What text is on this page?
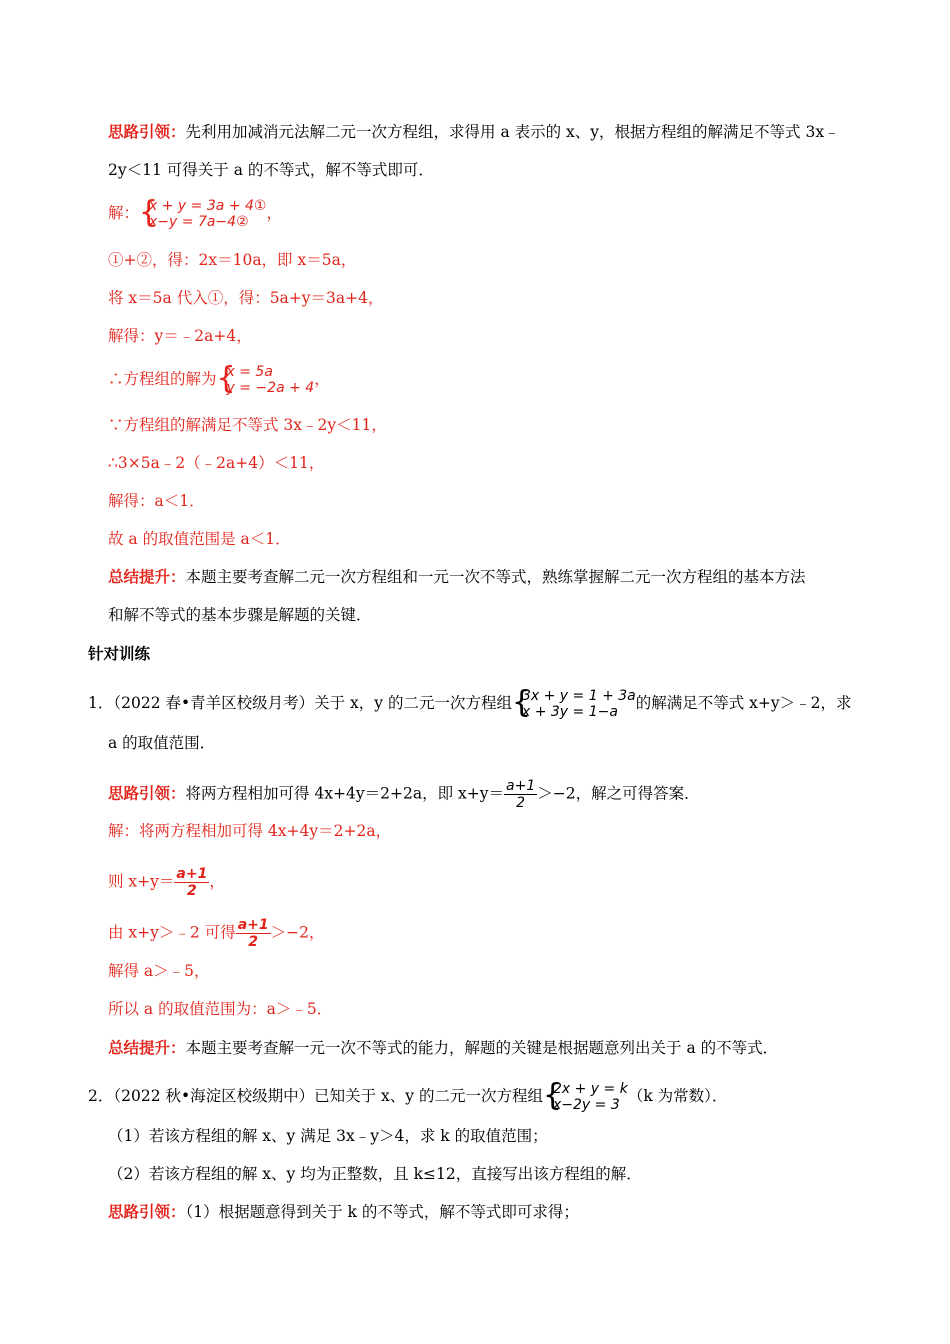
思路引领：先利用加减消元法解二元一次方程组，求得用 a 表示的 x、y，根据方程组的解满足不等式 3x﹣
2y＜11 可得关于 a 的不等式，解不等式即可．
解： {
x + y = 3a + 4①
x−y = 7a−4②	，
①+②，得：2x＝10a，即 x＝5a，
将 x＝5a 代入①，得：5a+y＝3a+4，
解得：y＝﹣2a+4，
∴方程组的解为 {
x = 5a
y = −2a + 4 ，
∵方程组的解满足不等式 3x﹣2y＜11，
∴3×5a﹣2（﹣2a+4）＜11，
解得：a＜1．
故 a 的取值范围是 a＜1．
总结提升：本题主要考查解二元一次方程组和一元一次不等式，熟练掌握解二元一次方程组的基本方法
和解不等式的基本步骤是解题的关键．
针对训练
1．（2022 春•青羊区校级月考）关于 x，y 的二元一次方程组 {
3x + y = 1 + 3a
x + 3y = 1−a	的解满足不等式 x+y＞﹣2，求
a 的取值范围．
思路引领：将两方程相加可得 4x+4y＝2+2a，即 $x+y= \frac{a+1}{2} >-2$，解之可得答案．
解：将两方程相加可得 4x+4y＝2+2a，
则 $x+y= \frac{a+1}{2}$ ，
由 x+y＞﹣2 可得 $\frac{a+1}{2} >-2$，
解得 a＞﹣5，
所以 a 的取值范围为：a＞﹣5．
总结提升：本题主要考查解一元一次不等式的能力，解题的关键是根据题意列出关于 a 的不等式．
2．（2022 秋•海淀区校级期中）已知关于 x、y 的二元一次方程组 {
2x + y = k
x−2y = 3 （k 为常数）．
（1）若该方程组的解 x、y 满足 3x﹣y＞4，求 k 的取值范围；
（2）若该方程组的解 x、y 均为正整数，且 k≤12，直接写出该方程组的解．
思路引领：（1）根据题意得到关于 k 的不等式，解不等式即可求得；
